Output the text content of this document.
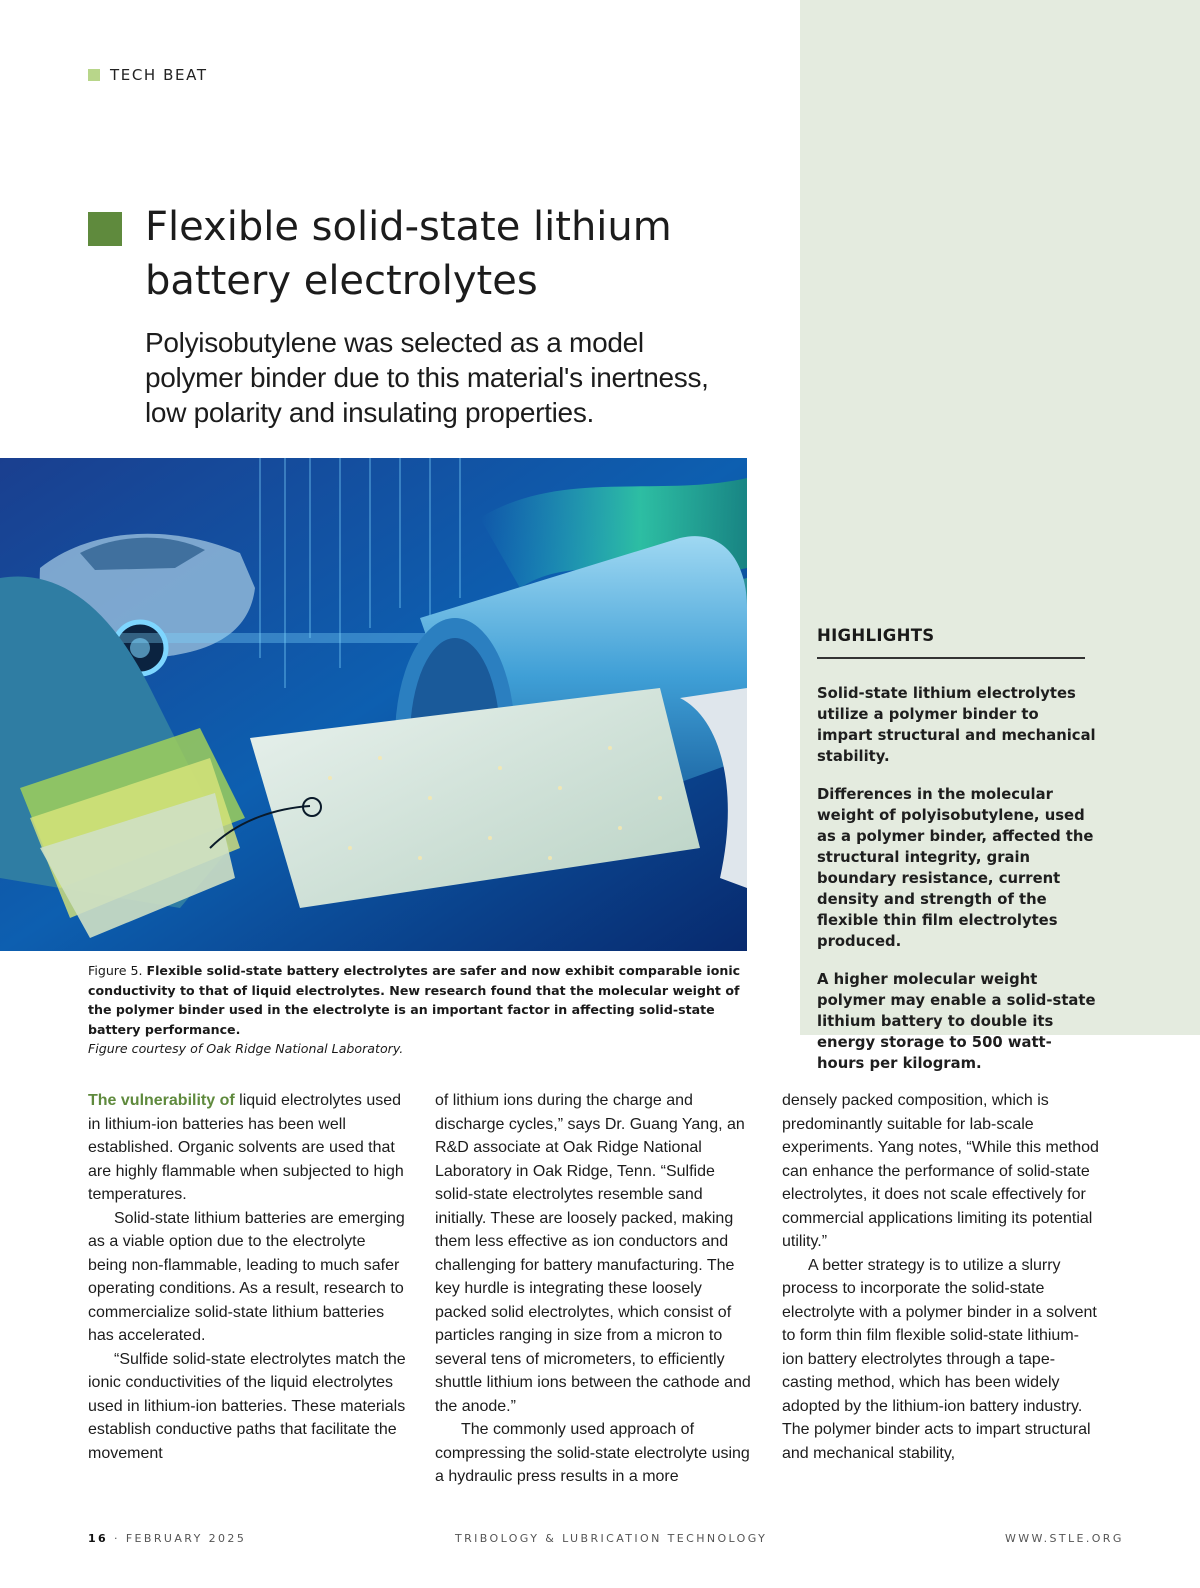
TECH BEAT
Flexible solid-state lithium battery electrolytes

Polyisobutylene was selected as a model polymer binder due to this material's inertness, low polarity and insulating properties.

Figure 5. Flexible solid-state battery electrolytes are safer and now exhibit comparable ionic conductivity to that of liquid electrolytes. New research found that the molecular weight of the polymer binder used in the electrolyte is an important factor in affecting solid-state battery performance.
Figure courtesy of Oak Ridge National Laboratory.
HIGHLIGHTS

Solid-state lithium electrolytes utilize a polymer binder to impart structural and mechanical stability.

Differences in the molecular weight of polyisobutylene, used as a polymer binder, affected the structural integrity, grain boundary resistance, current density and strength of the flexible thin film electrolytes produced.

A higher molecular weight polymer may enable a solid-state lithium battery to double its energy storage to 500 watt-hours per kilogram.

The vulnerability of liquid electrolytes used in lithium-ion batteries has been well established. Organic solvents are used that are highly flammable when subjected to high temperatures.

Solid-state lithium batteries are emerging as a viable option due to the electrolyte being non-flammable, leading to much safer operating conditions. As a result, research to commercialize solid-state lithium batteries has accelerated.

“Sulfide solid-state electrolytes match the ionic conductivities of the liquid electrolytes used in lithium-ion batteries. These materials establish conductive paths that facilitate the movement

of lithium ions during the charge and discharge cycles,” says Dr. Guang Yang, an R&D associate at Oak Ridge National Laboratory in Oak Ridge, Tenn. “Sulfide solid-state electrolytes resemble sand initially. These are loosely packed, making them less effective as ion conductors and challenging for battery manufacturing. The key hurdle is integrating these loosely packed solid electrolytes, which consist of particles ranging in size from a micron to several tens of micrometers, to efficiently shuttle lithium ions between the cathode and the anode.”

The commonly used approach of compressing the solid-state electrolyte using a hydraulic press results in a more

densely packed composition, which is predominantly suitable for lab-scale experiments. Yang notes, “While this method can enhance the performance of solid-state electrolytes, it does not scale effectively for commercial applications limiting its potential utility.”

A better strategy is to utilize a slurry process to incorporate the solid-state electrolyte with a polymer binder in a solvent to form thin film flexible solid-state lithium-ion battery electrolytes through a tape-casting method, which has been widely adopted by the lithium-ion battery industry. The polymer binder acts to impart structural and mechanical stability,

16 · FEBRUARY 2025	TRIBOLOGY & LUBRICATION TECHNOLOGY	WWW.STLE.ORG
